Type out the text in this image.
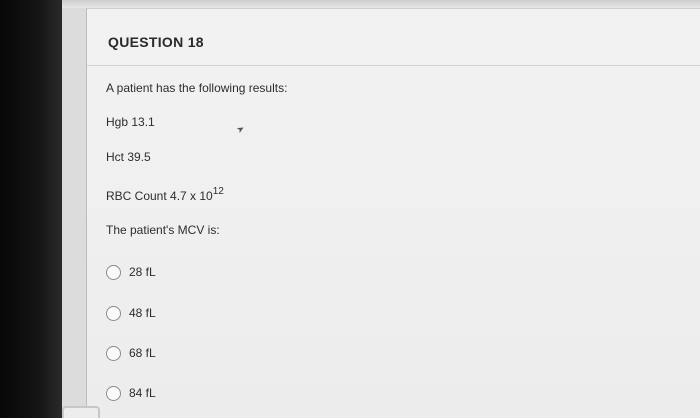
QUESTION 18
A patient has the following results:
Hgb 13.1
➤
Hct 39.5
RBC Count 4.7 x $10^{12}$
The patient's MCV is:
28 fL
48 fL
68 fL
84 fL
